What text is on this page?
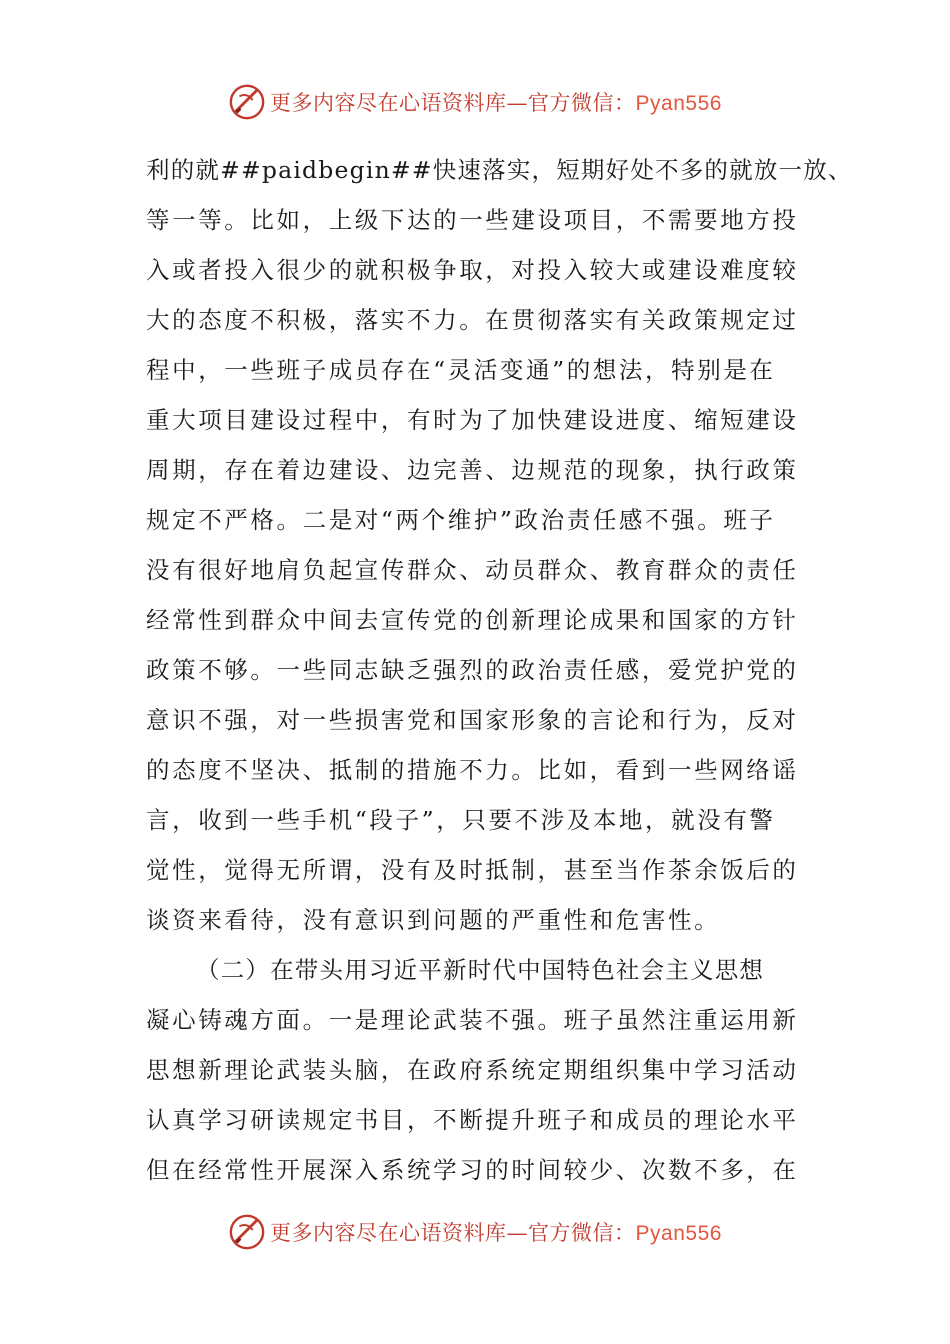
更多内容尽在心语资料库—官方微信：Pyan556
利的就##paidbegin##快速落实，短期好处不多的就放一放、
等一等。比如，上级下达的一些建设项目，不需要地方投
入或者投入很少的就积极争取，对投入较大或建设难度较
大的态度不积极，落实不力。在贯彻落实有关政策规定过
程中，一些班子成员存在“灵活变通”的想法，特别是在
重大项目建设过程中，有时为了加快建设进度、缩短建设
周期，存在着边建设、边完善、边规范的现象，执行政策
规定不严格。二是对“两个维护”政治责任感不强。班子
没有很好地肩负起宣传群众、动员群众、教育群众的责任
经常性到群众中间去宣传党的创新理论成果和国家的方针
政策不够。一些同志缺乏强烈的政治责任感，爱党护党的
意识不强，对一些损害党和国家形象的言论和行为，反对
的态度不坚决、抵制的措施不力。比如，看到一些网络谣
言，收到一些手机“段子”，只要不涉及本地，就没有警
觉性，觉得无所谓，没有及时抵制，甚至当作茶余饭后的
谈资来看待，没有意识到问题的严重性和危害性。
（二）在带头用习近平新时代中国特色社会主义思想
凝心铸魂方面。一是理论武装不强。班子虽然注重运用新
思想新理论武装头脑，在政府系统定期组织集中学习活动
认真学习研读规定书目，不断提升班子和成员的理论水平
但在经常性开展深入系统学习的时间较少、次数不多，在
更多内容尽在心语资料库—官方微信：Pyan556
